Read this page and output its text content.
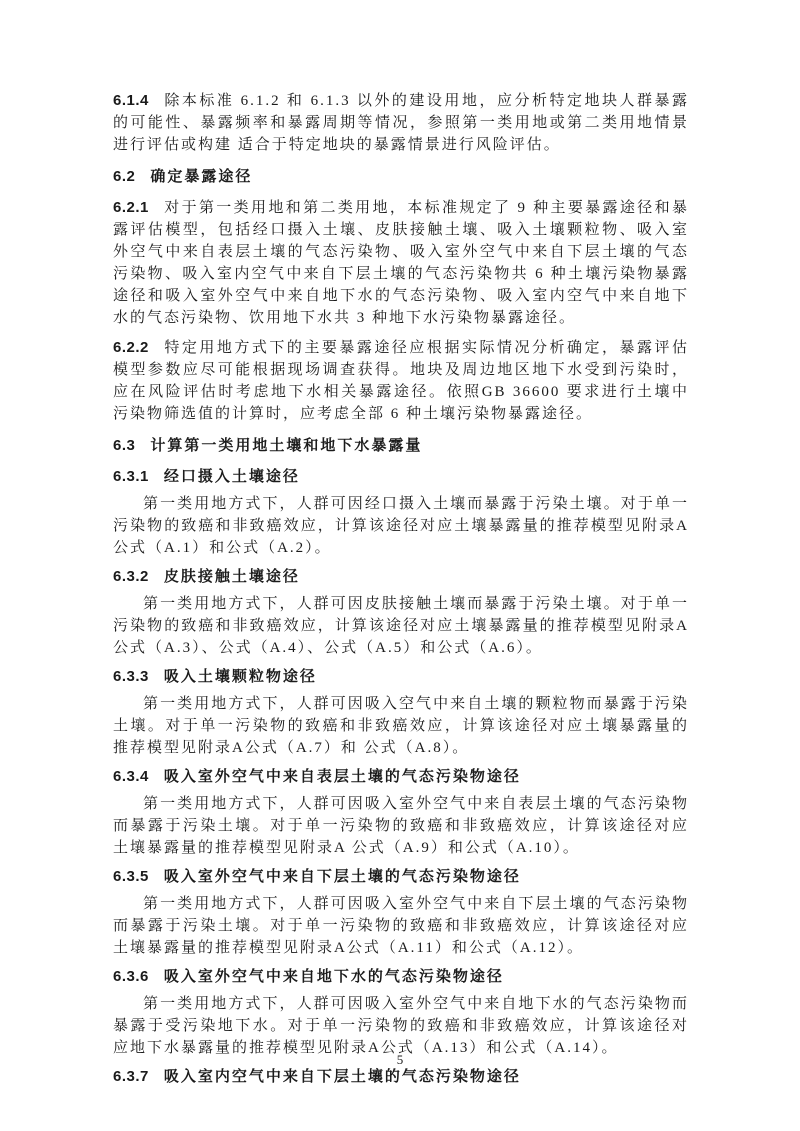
6.1.4 除本标准 6.1.2 和 6.1.3 以外的建设用地，应分析特定地块人群暴露的可能性、暴露频率和暴露周期等情况，参照第一类用地或第二类用地情景进行评估或构建 适合于特定地块的暴露情景进行风险评估。

6.2 确定暴露途径

6.2.1 对于第一类用地和第二类用地，本标准规定了 9 种主要暴露途径和暴露评估模型，包括经口摄入土壤、皮肤接触土壤、吸入土壤颗粒物、吸入室外空气中来自表层土壤的气态污染物、吸入室外空气中来自下层土壤的气态污染物、吸入室内空气中来自下层土壤的气态污染物共 6 种土壤污染物暴露途径和吸入室外空气中来自地下水的气态污染物、吸入室内空气中来自地下水的气态污染物、饮用地下水共 3 种地下水污染物暴露途径。

6.2.2 特定用地方式下的主要暴露途径应根据实际情况分析确定，暴露评估模型参数应尽可能根据现场调查获得。地块及周边地区地下水受到污染时，应在风险评估时考虑地下水相关暴露途径。依照GB 36600 要求进行土壤中污染物筛选值的计算时，应考虑全部 6 种土壤污染物暴露途径。

6.3 计算第一类用地土壤和地下水暴露量

6.3.1 经口摄入土壤途径

第一类用地方式下，人群可因经口摄入土壤而暴露于污染土壤。对于单一污染物的致癌和非致癌效应，计算该途径对应土壤暴露量的推荐模型见附录A公式（A.1）和公式（A.2）。

6.3.2 皮肤接触土壤途径

第一类用地方式下，人群可因皮肤接触土壤而暴露于污染土壤。对于单一污染物的致癌和非致癌效应，计算该途径对应土壤暴露量的推荐模型见附录A公式（A.3）、公式（A.4）、公式（A.5）和公式（A.6）。

6.3.3 吸入土壤颗粒物途径

第一类用地方式下，人群可因吸入空气中来自土壤的颗粒物而暴露于污染土壤。对于单一污染物的致癌和非致癌效应，计算该途径对应土壤暴露量的推荐模型见附录A公式（A.7）和 公式（A.8）。

6.3.4 吸入室外空气中来自表层土壤的气态污染物途径

第一类用地方式下，人群可因吸入室外空气中来自表层土壤的气态污染物而暴露于污染土壤。对于单一污染物的致癌和非致癌效应，计算该途径对应土壤暴露量的推荐模型见附录A 公式（A.9）和公式（A.10）。

6.3.5 吸入室外空气中来自下层土壤的气态污染物途径

第一类用地方式下，人群可因吸入室外空气中来自下层土壤的气态污染物而暴露于污染土壤。对于单一污染物的致癌和非致癌效应，计算该途径对应土壤暴露量的推荐模型见附录A公式（A.11）和公式（A.12）。

6.3.6 吸入室外空气中来自地下水的气态污染物途径

第一类用地方式下，人群可因吸入室外空气中来自地下水的气态污染物而暴露于受污染地下水。对于单一污染物的致癌和非致癌效应，计算该途径对应地下水暴露量的推荐模型见附录A公式（A.13）和公式（A.14）。

6.3.7 吸入室内空气中来自下层土壤的气态污染物途径

5
